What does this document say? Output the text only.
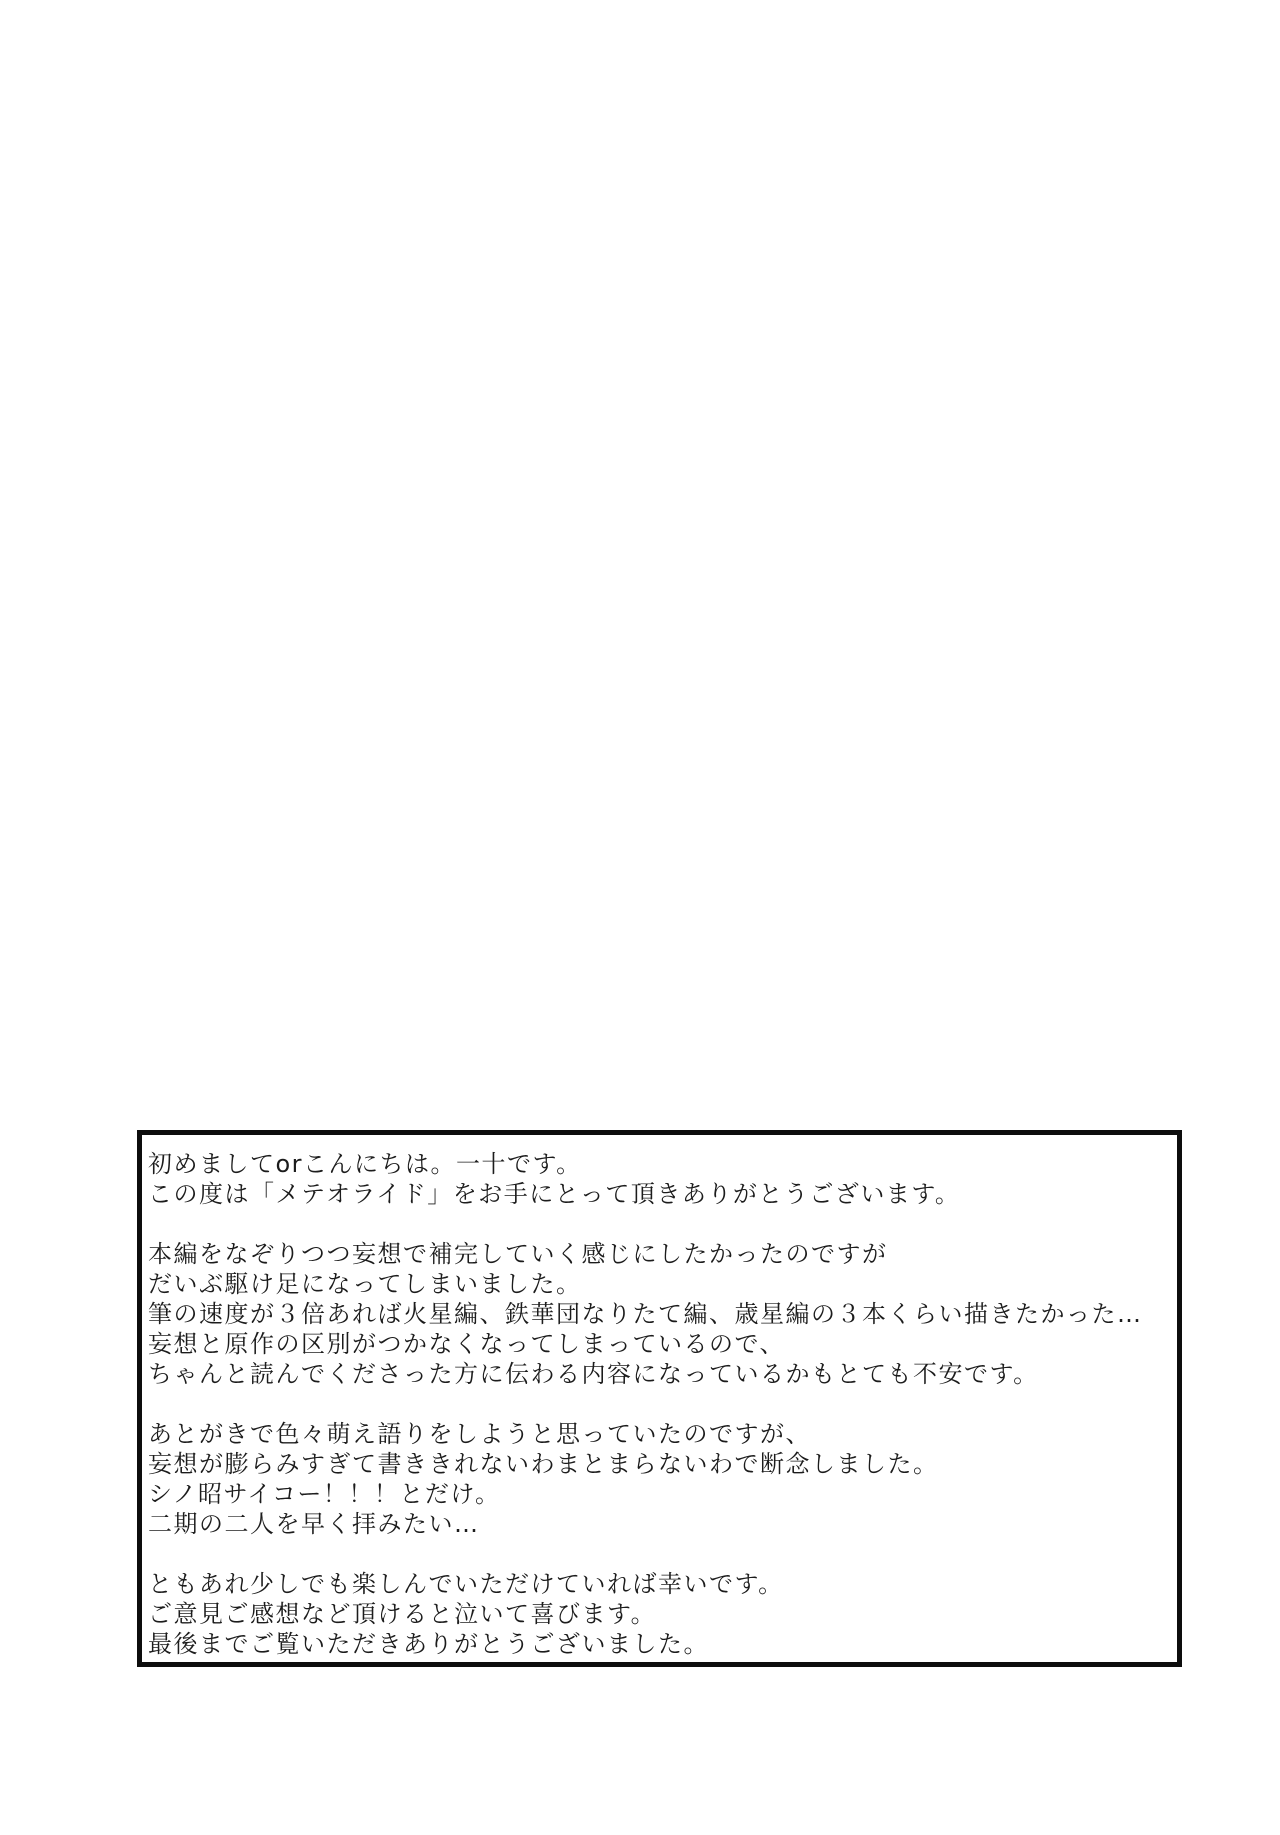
初めましてorこんにちは。一十です。
この度は「メテオライド」をお手にとって頂きありがとうございます。

本編をなぞりつつ妄想で補完していく感じにしたかったのですが
だいぶ駆け足になってしまいました。
筆の速度が３倍あれば火星編、鉄華団なりたて編、歳星編の３本くらい描きたかった…
妄想と原作の区別がつかなくなってしまっているので、
ちゃんと読んでくださった方に伝わる内容になっているかもとても不安です。

あとがきで色々萌え語りをしようと思っていたのですが、
妄想が膨らみすぎて書ききれないわまとまらないわで断念しました。
シノ昭サイコー！！！とだけ。
二期の二人を早く拝みたい…

ともあれ少しでも楽しんでいただけていれば幸いです。
ご意見ご感想など頂けると泣いて喜びます。
最後までご覧いただきありがとうございました。
